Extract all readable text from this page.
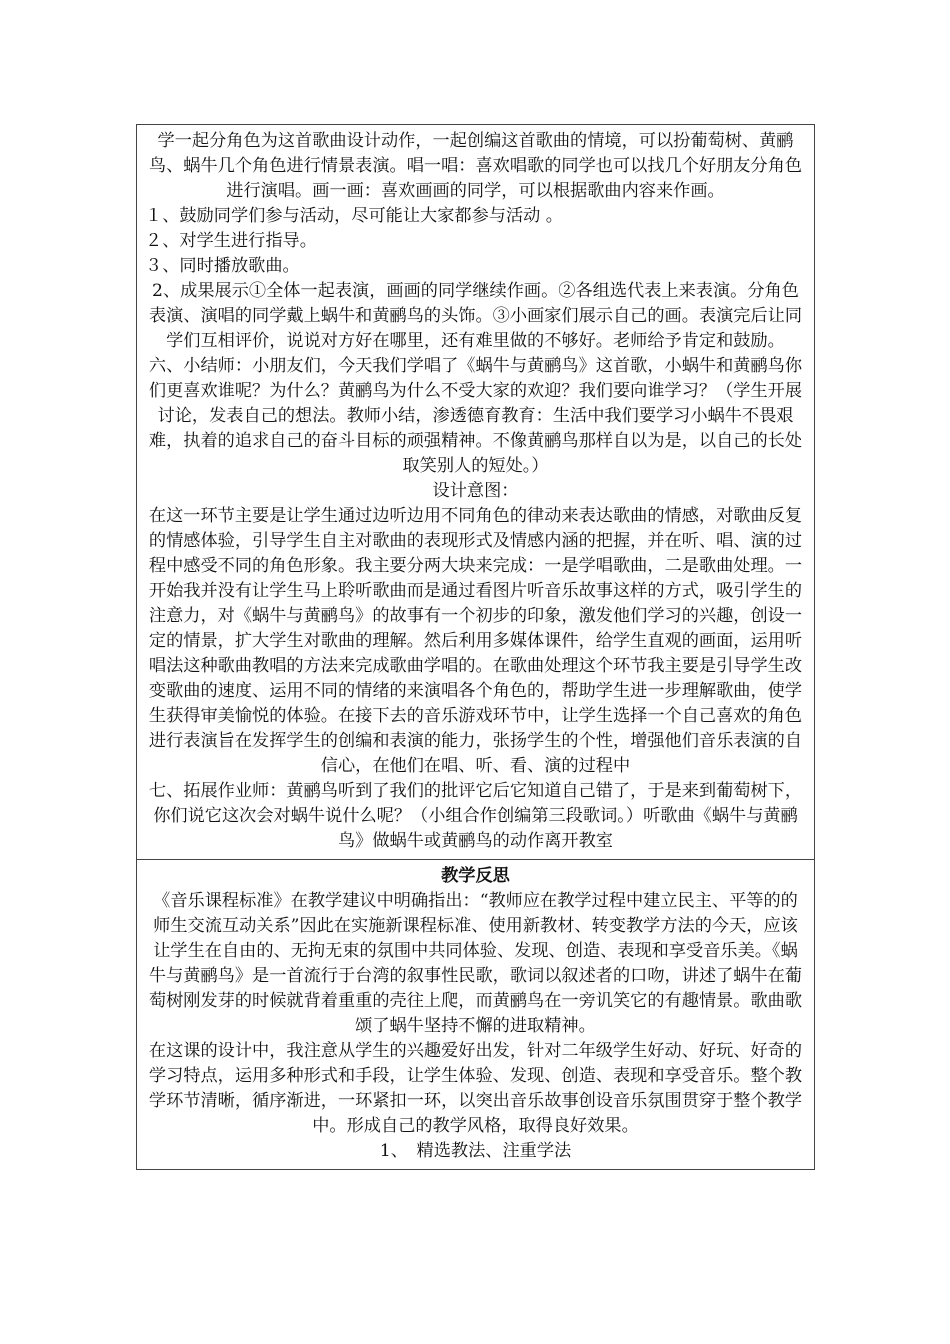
学一起分角色为这首歌曲设计动作，一起创编这首歌曲的情境，可以扮葡萄树、黄鹂鸟、蜗牛几个角色进行情景表演。唱一唱：喜欢唱歌的同学也可以找几个好朋友分角色进行演唱。画一画：喜欢画画的同学，可以根据歌曲内容来作画。

１、鼓励同学们参与活动，尽可能让大家都参与活动 。

２、对学生进行指导。

３、同时播放歌曲。

2、成果展示①全体一起表演，画画的同学继续作画。②各组选代表上来表演。分角色表演、演唱的同学戴上蜗牛和黄鹂鸟的头饰。③小画家们展示自己的画。表演完后让同学们互相评价，说说对方好在哪里，还有难里做的不够好。老师给予肯定和鼓励。

六、小结师：小朋友们，今天我们学唱了《蜗牛与黄鹂鸟》这首歌，小蜗牛和黄鹂鸟你们更喜欢谁呢？为什么？黄鹂鸟为什么不受大家的欢迎？我们要向谁学习？（学生开展讨论，发表自己的想法。教师小结，渗透德育教育：生活中我们要学习小蜗牛不畏艰难，执着的追求自己的奋斗目标的顽强精神。不像黄鹂鸟那样自以为是，以自己的长处取笑别人的短处。）

设计意图：

在这一环节主要是让学生通过边听边用不同角色的律动来表达歌曲的情感，对歌曲反复的情感体验，引导学生自主对歌曲的表现形式及情感内涵的把握，并在听、唱、演的过程中感受不同的角色形象。我主要分两大块来完成：一是学唱歌曲，二是歌曲处理。一开始我并没有让学生马上聆听歌曲而是通过看图片听音乐故事这样的方式，吸引学生的注意力，对《蜗牛与黄鹂鸟》的故事有一个初步的印象，激发他们学习的兴趣，创设一定的情景，扩大学生对歌曲的理解。然后利用多媒体课件，给学生直观的画面，运用听唱法这种歌曲教唱的方法来完成歌曲学唱的。在歌曲处理这个环节我主要是引导学生改变歌曲的速度、运用不同的情绪的来演唱各个角色的，帮助学生进一步理解歌曲，使学生获得审美愉悦的体验。在接下去的音乐游戏环节中，让学生选择一个自己喜欢的角色进行表演旨在发挥学生的创编和表演的能力，张扬学生的个性，增强他们音乐表演的自信心，在他们在唱、听、看、演的过程中

七、拓展作业师：黄鹂鸟听到了我们的批评它后它知道自己错了，于是来到葡萄树下，你们说它这次会对蜗牛说什么呢？（小组合作创编第三段歌词。）听歌曲《蜗牛与黄鹂鸟》做蜗牛或黄鹂鸟的动作离开教室

教学反思

《音乐课程标准》在教学建议中明确指出：“教师应在教学过程中建立民主、平等的的师生交流互动关系”因此在实施新课程标准、使用新教材、转变教学方法的今天，应该让学生在自由的、无拘无束的氛围中共同体验、发现、创造、表现和享受音乐美。《蜗牛与黄鹂鸟》是一首流行于台湾的叙事性民歌，歌词以叙述者的口吻，讲述了蜗牛在葡萄树刚发芽的时候就背着重重的壳往上爬，而黄鹂鸟在一旁讥笑它的有趣情景。歌曲歌颂了蜗牛坚持不懈的进取精神。

在这课的设计中，我注意从学生的兴趣爱好出发，针对二年级学生好动、好玩、好奇的学习特点，运用多种形式和手段，让学生体验、发现、创造、表现和享受音乐。整个教学环节清晰，循序渐进，一环紧扣一环，以突出音乐故事创设音乐氛围贯穿于整个教学中。形成自己的教学风格，取得良好效果。

1、　精选教法、注重学法
